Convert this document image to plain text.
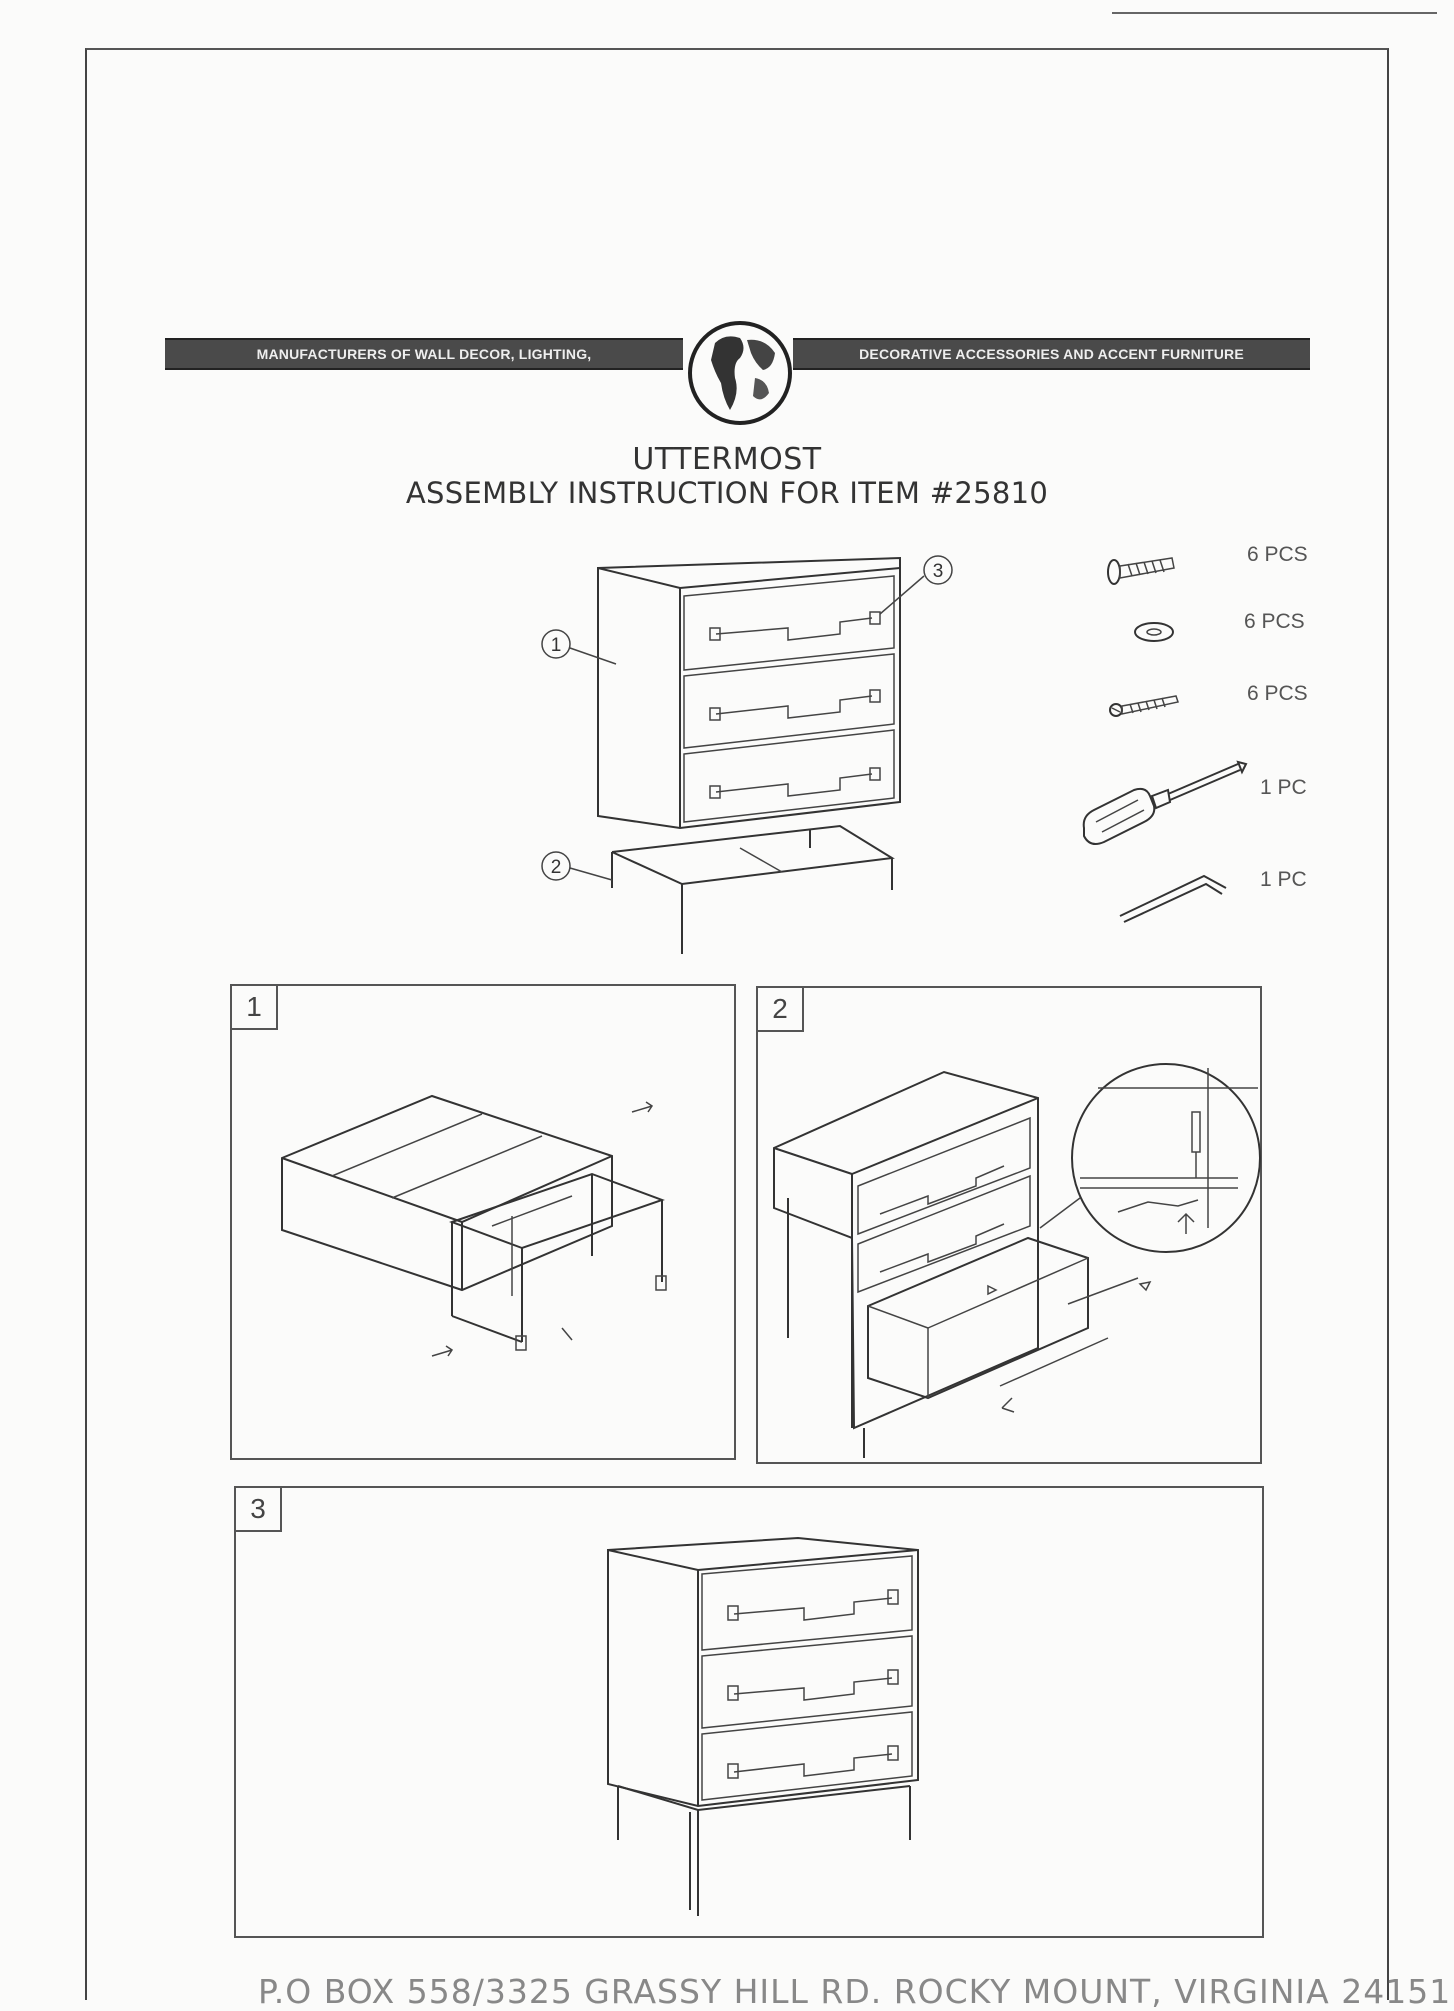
MANUFACTURERS OF WALL DECOR, LIGHTING,	DECORATIVE ACCESSORIES AND ACCENT FURNITURE
UTTERMOST
ASSEMBLY INSTRUCTION FOR ITEM #25810
1
2
3
6 PCS
6 PCS
6 PCS
1 PC
1 PC
1	2
3
P.O BOX 558/3325 GRASSY HILL RD. ROCKY MOUNT, VIRGINIA 24151
